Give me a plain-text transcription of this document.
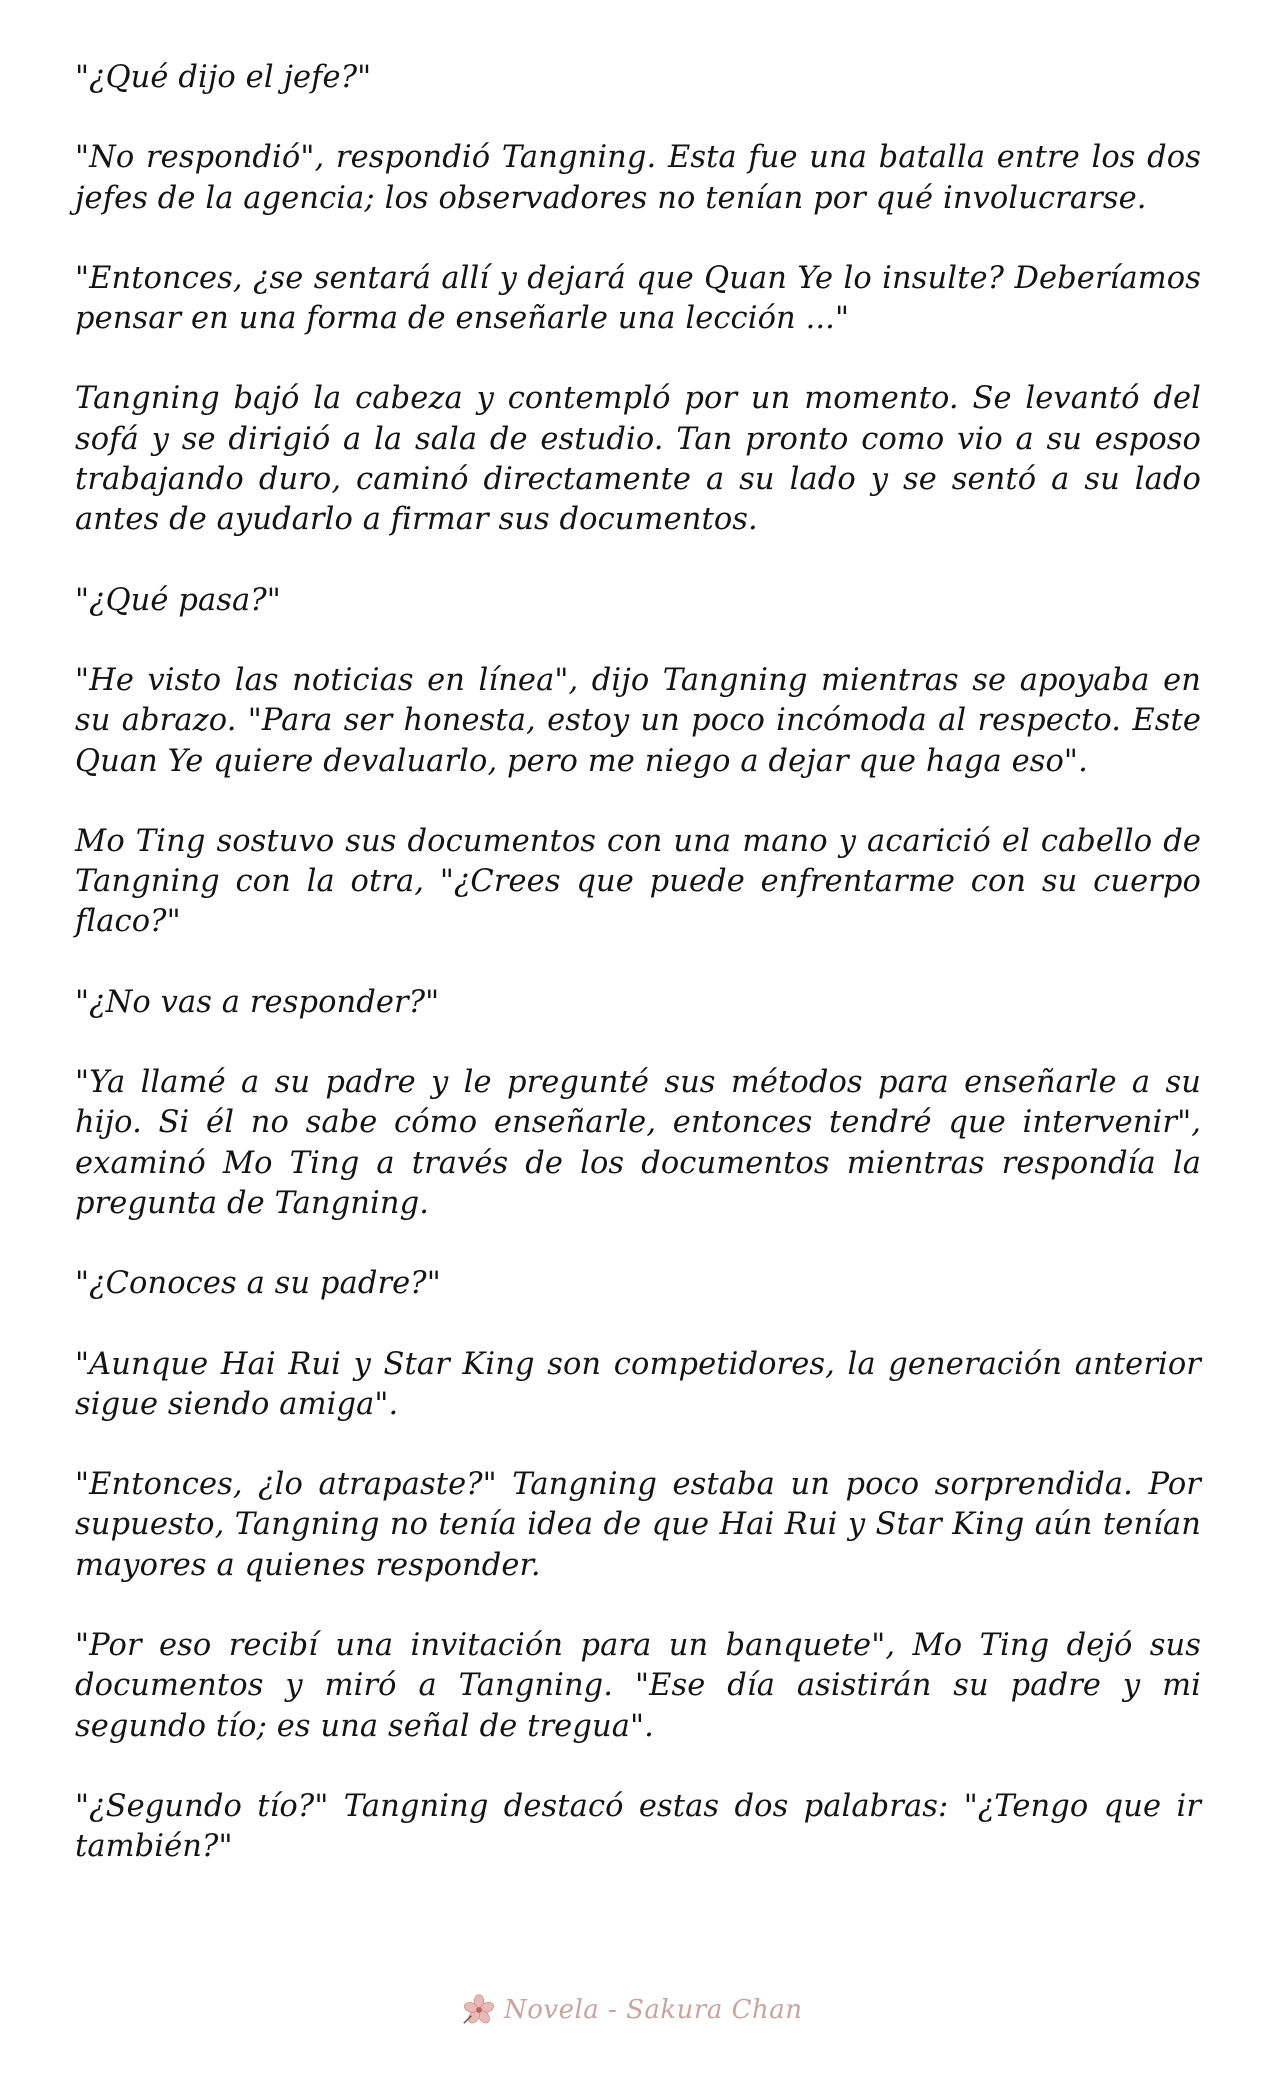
"¿Qué dijo el jefe?"

"No respondió", respondió Tangning. Esta fue una batalla entre los dos jefes de la agencia; los observadores no tenían por qué involucrarse.

"Entonces, ¿se sentará allí y dejará que Quan Ye lo insulte? Deberíamos pensar en una forma de enseñarle una lección ..."

Tangning bajó la cabeza y contempló por un momento. Se levantó del sofá y se dirigió a la sala de estudio. Tan pronto como vio a su esposo trabajando duro, caminó directamente a su lado y se sentó a su lado antes de ayudarlo a firmar sus documentos.

"¿Qué pasa?"

"He visto las noticias en línea", dijo Tangning mientras se apoyaba en su abrazo. "Para ser honesta, estoy un poco incómoda al respecto. Este Quan Ye quiere devaluarlo, pero me niego a dejar que haga eso".

Mo Ting sostuvo sus documentos con una mano y acarició el cabello de Tangning con la otra, "¿Crees que puede enfrentarme con su cuerpo flaco?"

"¿No vas a responder?"

"Ya llamé a su padre y le pregunté sus métodos para enseñarle a su hijo. Si él no sabe cómo enseñarle, entonces tendré que intervenir", examinó Mo Ting a través de los documentos mientras respondía la pregunta de Tangning.

"¿Conoces a su padre?"

"Aunque Hai Rui y Star King son competidores, la generación anterior sigue siendo amiga".

"Entonces, ¿lo atrapaste?" Tangning estaba un poco sorprendida. Por supuesto, Tangning no tenía idea de que Hai Rui y Star King aún tenían mayores a quienes responder.

"Por eso recibí una invitación para un banquete", Mo Ting dejó sus documentos y miró a Tangning. "Ese día asistirán su padre y mi segundo tío; es una señal de tregua".

"¿Segundo tío?" Tangning destacó estas dos palabras: "¿Tengo que ir también?"

Novela - Sakura Chan
